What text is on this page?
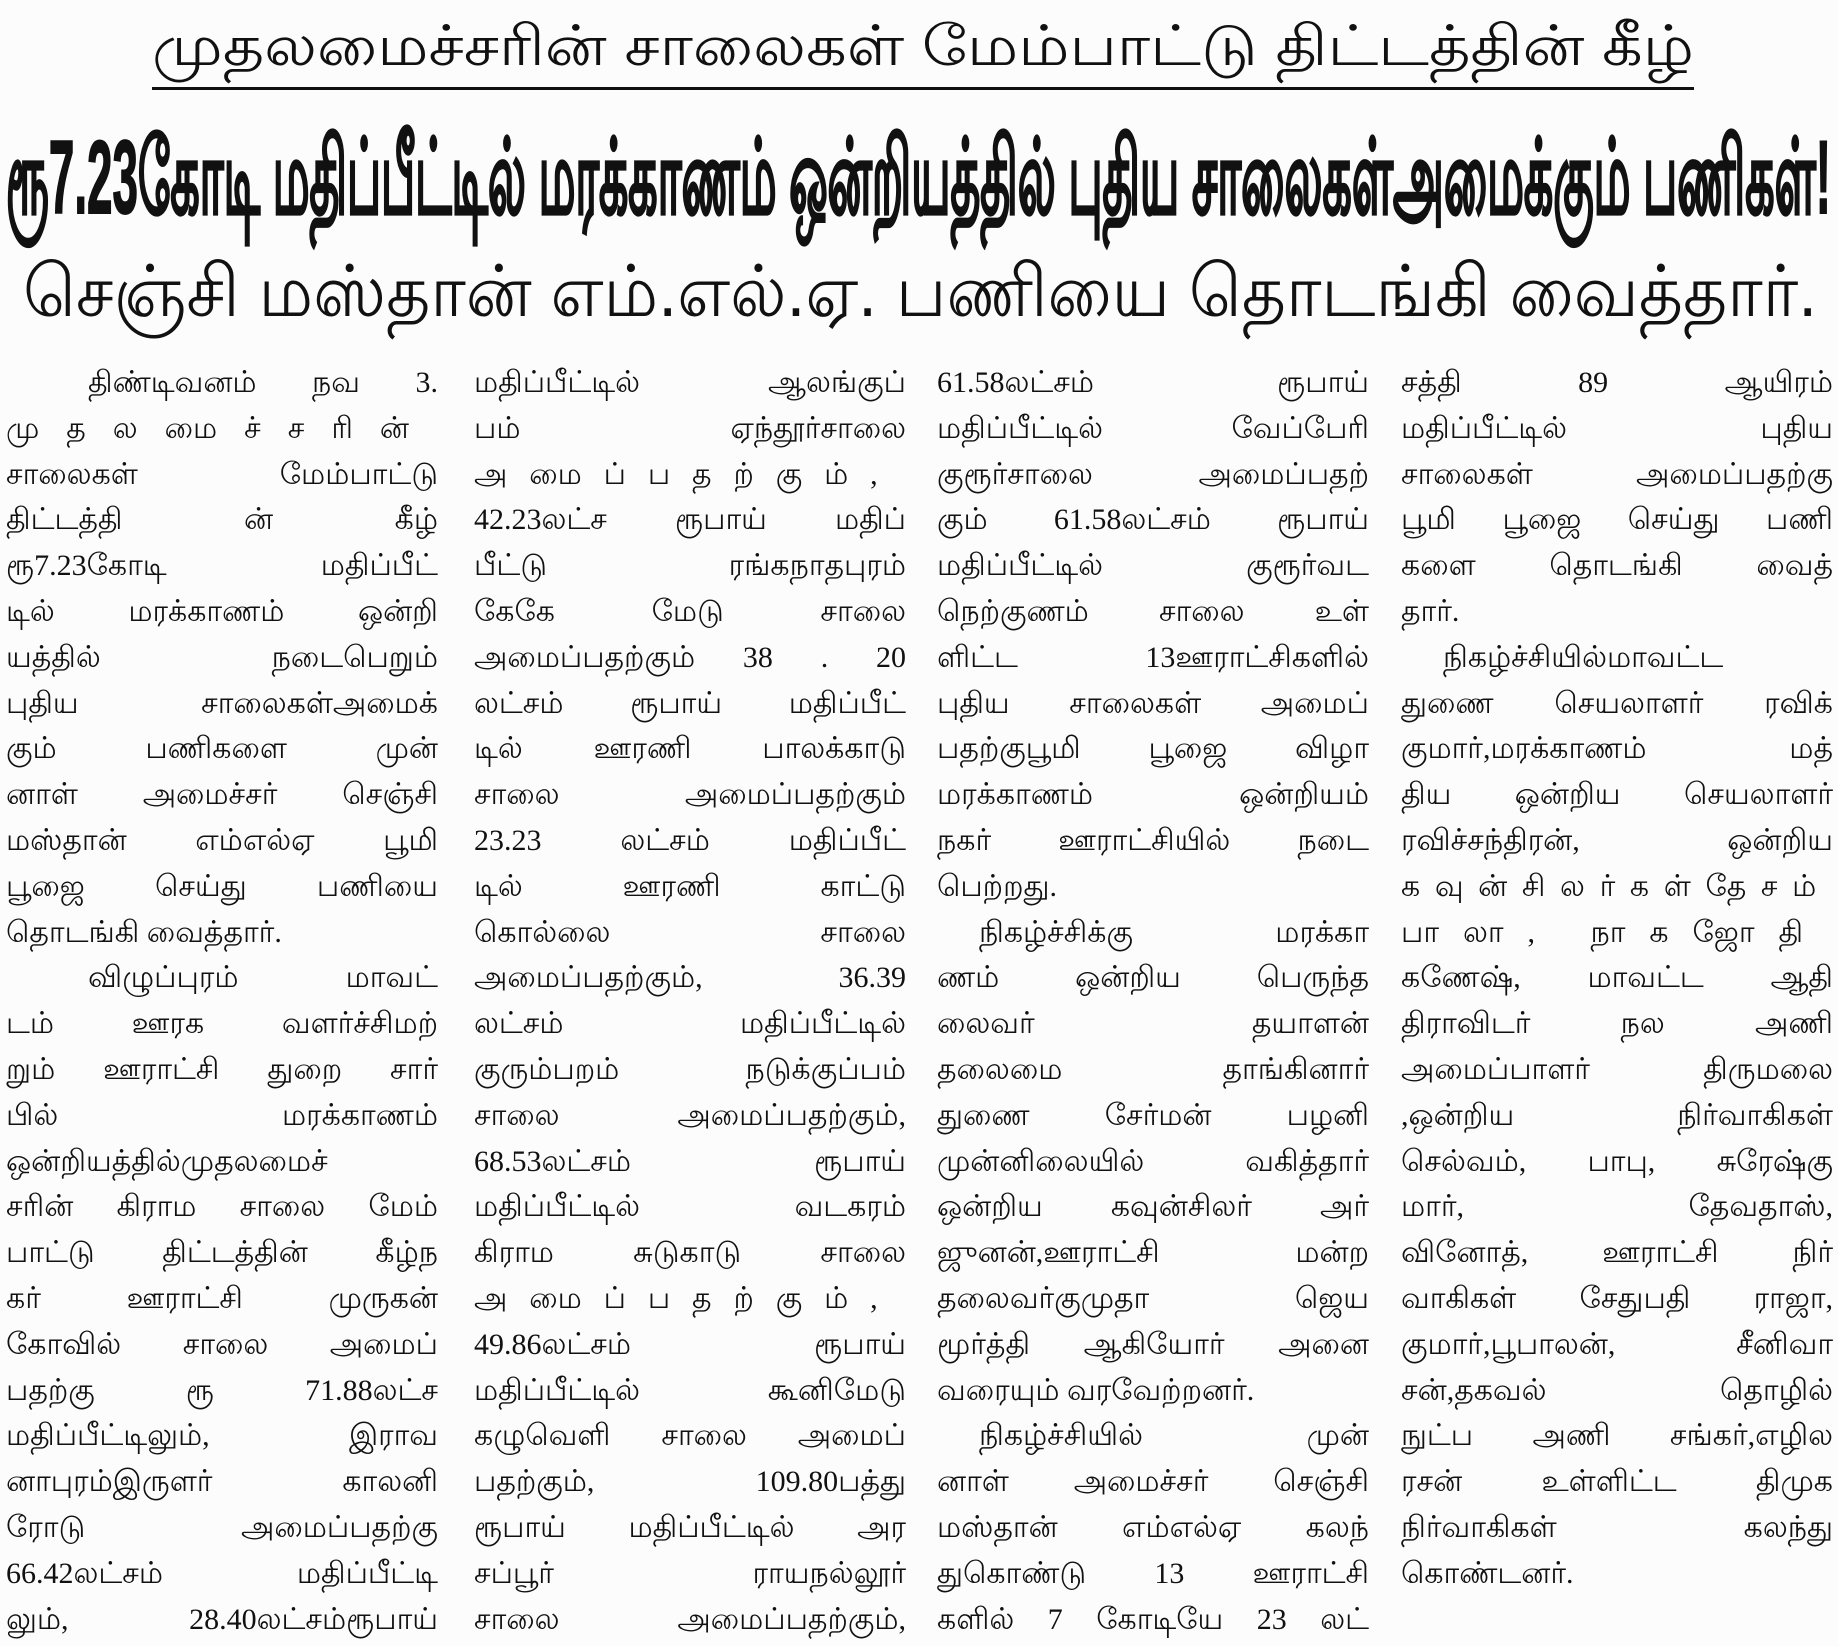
முதலமைச்சரின் சாலைகள் மேம்பாட்டு திட்டத்தின் கீழ்
ரூ7.23கோடி மதிப்பீட்டில் மரக்காணம் ஒன்றியத்தில் புதிய சாலைகள்அமைக்கும் பணிகள்!
செஞ்சி மஸ்தான் எம்.எல்.ஏ. பணியை தொடங்கி வைத்தார்.
திண்டிவனம் நவ 3.
முதலமைச்சரின்
சாலைகள் மேம்பாட்டு
திட்டத்தி ன் கீழ்
ரூ7.23கோடி மதிப்பீட்
டில் மரக்காணம் ஒன்றி
யத்தில் நடைபெறும்
புதிய சாலைகள்அமைக்
கும் பணிகளை முன்
னாள் அமைச்சர் செஞ்சி
மஸ்தான் எம்எல்ஏ பூமி
பூஜை செய்து பணியை
தொடங்கி வைத்தார்.
விழுப்புரம் மாவட்
டம் ஊரக வளர்ச்சிமற்
றும் ஊராட்சி துறை சார்
பில் மரக்காணம்
ஒன்றியத்தில்முதலமைச்
சரின் கிராம சாலை மேம்
பாட்டு திட்டத்தின் கீழ்ந
கர் ஊராட்சி முருகன்
கோவில் சாலை அமைப்
பதற்கு ரூ 71.88லட்ச
மதிப்பீட்டிலும், இராவ
னாபுரம்இருளர் காலனி
ரோடு அமைப்பதற்கு
66.42லட்சம் மதிப்பீட்டி
லும், 28.40லட்சம்ரூபாய்
மதிப்பீட்டில் ஆலங்குப்
பம் ஏந்தூர்சாலை
அமைப்பதற்கும்,
42.23லட்ச ரூபாய் மதிப்
பீட்டு ரங்கநாதபுரம்
கேகே மேடு சாலை
அமைப்பதற்கும் 38 . 20
லட்சம் ரூபாய் மதிப்பீட்
டில் ஊரணி பாலக்காடு
சாலை அமைப்பதற்கும்
23.23 லட்சம் மதிப்பீட்
டில் ஊரணி காட்டு
கொல்லை சாலை
அமைப்பதற்கும், 36.39
லட்சம் மதிப்பீட்டில்
குரும்பறம் நடுக்குப்பம்
சாலை அமைப்பதற்கும்,
68.53லட்சம் ரூபாய்
மதிப்பீட்டில் வடகரம்
கிராம சுடுகாடு சாலை
அமைப்பதற்கும்,
49.86லட்சம் ரூபாய்
மதிப்பீட்டில் கூனிமேடு
கழுவெளி சாலை அமைப்
பதற்கும், 109.80பத்து
ரூபாய் மதிப்பீட்டில் அர
சப்பூர் ராயநல்லூர்
சாலை அமைப்பதற்கும்,
61.58லட்சம் ரூபாய்
மதிப்பீட்டில் வேப்பேரி
குரூர்சாலை அமைப்பதற்
கும் 61.58லட்சம் ரூபாய்
மதிப்பீட்டில் குரூர்வட
நெற்குணம் சாலை உள்
ளிட்ட 13ஊராட்சிகளில்
புதிய சாலைகள் அமைப்
பதற்குபூமி பூஜை விழா
மரக்காணம் ஒன்றியம்
நகர் ஊராட்சியில் நடை
பெற்றது.
நிகழ்ச்சிக்கு மரக்கா
ணம் ஒன்றிய பெருந்த
லைவர் தயாளன்
தலைமை தாங்கினார்
துணை சேர்மன் பழனி
முன்னிலையில் வகித்தார்
ஒன்றிய கவுன்சிலர் அர்
ஜுனன்,ஊராட்சி மன்ற
தலைவர்குமுதா ஜெய
மூர்த்தி ஆகியோர் அனை
வரையும் வரவேற்றனர்.
நிகழ்ச்சியில் முன்
னாள் அமைச்சர் செஞ்சி
மஸ்தான் எம்எல்ஏ கலந்
துகொண்டு 13 ஊராட்சி
களில் 7 கோடியே 23 லட்
சத்தி 89 ஆயிரம்
மதிப்பீட்டில் புதிய
சாலைகள் அமைப்பதற்கு
பூமி பூஜை செய்து பணி
களை தொடங்கி வைத்
தார்.
நிகழ்ச்சியில்மாவட்ட
துணை செயலாளர் ரவிக்
குமார்,மரக்காணம் மத்
திய ஒன்றிய செயலாளர்
ரவிச்சந்திரன், ஒன்றிய
கவுன்சிலர்கள்தேசம்
பாலா, நாகஜோதி
கணேஷ், மாவட்ட ஆதி
திராவிடர் நல அணி
அமைப்பாளர் திருமலை
,ஒன்றிய நிர்வாகிகள்
செல்வம், பாபு, சுரேஷ்கு
மார், தேவதாஸ்,
வினோத், ஊராட்சி நிர்
வாகிகள் சேதுபதி ராஜா,
குமார்,பூபாலன், சீனிவா
சன்,தகவல் தொழில்
நுட்ப அணி சங்கர்,எழில
ரசன் உள்ளிட்ட திமுக
நிர்வாகிகள் கலந்து
கொண்டனர்.
